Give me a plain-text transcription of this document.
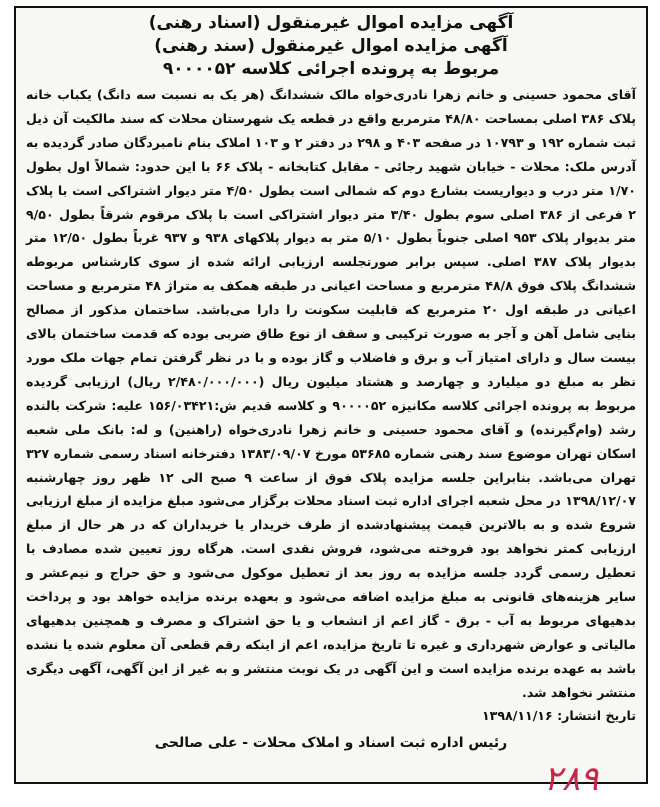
آگهی مزایده اموال غیرمنقول (اسناد رهنی)
آگهی مزایده اموال غیرمنقول (سند رهنی)
مربوط به پرونده اجرائی کلاسه ۹۰۰۰۰۵۲
آقای محمود حسینی و خانم زهرا نادری‌خواه مالک ششدانگ (هر یک به نسبت سه دانگ) یکباب خانه پلاک ۳۸۶ اصلی بمساحت ۴۸/۸۰ مترمربع واقع در قطعه یک شهرستان محلات که سند مالکیت آن ذیل ثبت شماره ۱۹۲ و ۱۰۷۹۳ در صفحه ۴۰۳ و ۲۹۸ در دفتر ۲ و ۱۰۳ املاک بنام نامبردگان صادر گردیده به آدرس ملک: محلات - خیابان شهید رجائی - مقابل کتابخانه - پلاک ۶۶ با این حدود: شمالاً اول بطول ۱/۷۰ متر درب و دیواریست بشارع دوم که شمالی است بطول ۴/۵۰ متر دیوار اشتراکی است با پلاک ۲ فرعی از ۳۸۶ اصلی سوم بطول ۳/۴۰ متر دیوار اشتراکی است با پلاک مرقوم شرقاً بطول ۹/۵۰ متر بدیوار پلاک ۹۵۳ اصلی جنوباً بطول ۵/۱۰ متر به دیوار پلاکهای ۹۳۸ و ۹۳۷ غرباً بطول ۱۲/۵۰ متر بدیوار پلاک ۳۸۷ اصلی. سپس برابر صورتجلسه ارزیابی ارائه شده از سوی کارشناس مربوطه ششدانگ پلاک فوق ۴۸/۸ مترمربع و مساحت اعیانی در طبقه همکف به متراژ ۴۸ مترمربع و مساحت اعیانی در طبقه اول ۲۰ مترمربع که قابلیت سکونت را دارا می‌باشد. ساختمان مذکور از مصالح بنایی شامل آهن و آجر به صورت ترکیبی و سقف از نوع طاق ضربی بوده که قدمت ساختمان بالای بیست سال و دارای امتیاز آب و برق و فاضلاب و گاز بوده و با در نظر گرفتن تمام جهات ملک مورد نظر به مبلغ دو میلیارد و چهارصد و هشتاد میلیون ریال (۲/۴۸۰/۰۰۰/۰۰۰ ریال) ارزیابی گردیده مربوط به پرونده اجرائی کلاسه مکانیزه ۹۰۰۰۰۵۲ و کلاسه قدیم ش:۱۵۶/۰۳۴۲۱ علیه: شرکت بالنده رشد (وام‌گیرنده) و آقای محمود حسینی و خانم زهرا نادری‌خواه (راهنین) و له: بانک ملی شعبه اسکان تهران موضوع سند رهنی شماره ۵۳۶۸۵ مورخ ۱۳۸۳/۰۹/۰۷ دفترخانه اسناد رسمی شماره ۳۲۷ تهران می‌باشد. بنابراین جلسه مزایده پلاک فوق از ساعت ۹ صبح الی ۱۲ ظهر روز چهارشنبه ۱۳۹۸/۱۲/۰۷ در محل شعبه اجرای اداره ثبت اسناد محلات برگزار می‌شود مبلغ مزایده از مبلغ ارزیابی شروع شده و به بالاترین قیمت پیشنهادشده از طرف خریدار یا خریداران که در هر حال از مبلغ ارزیابی کمتر نخواهد بود فروخته می‌شود، فروش نقدی است. هرگاه روز تعیین شده مصادف با تعطیل رسمی گردد جلسه مزایده به روز بعد از تعطیل موکول می‌شود و حق حراج و نیم‌عشر و سایر هزینه‌های قانونی به مبلغ مزایده اضافه می‌شود و بعهده برنده مزایده خواهد بود و پرداخت بدهیهای مربوط به آب - برق - گاز اعم از انشعاب و یا حق اشتراک و مصرف و همچنین بدهیهای مالیاتی و عوارض شهرداری و غیره تا تاریخ مزایده، اعم از اینکه رقم قطعی آن معلوم شده یا نشده باشد به عهده برنده مزایده است و این آگهی در یک نوبت منتشر و به غیر از این آگهی، آگهی دیگری منتشر نخواهد شد.
تاریخ انتشار: ۱۳۹۸/۱۱/۱۶
رئیس اداره ثبت اسناد و املاک محلات - علی صالحی
۲۸۹
